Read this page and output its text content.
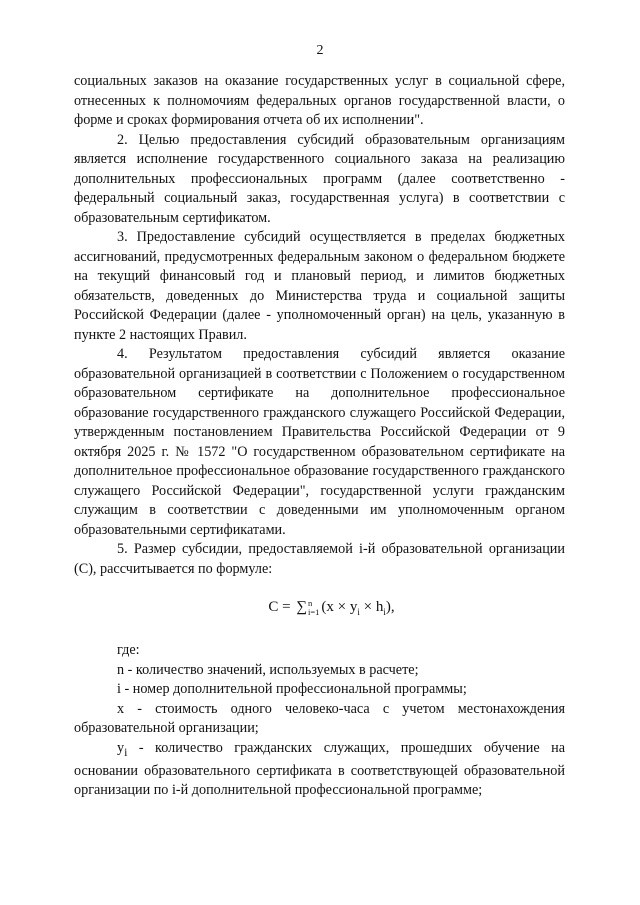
2

социальных заказов на оказание государственных услуг в социальной сфере, отнесенных к полномочиям федеральных органов государственной власти, о форме и сроках формирования отчета об их исполнении".

2. Целью предоставления субсидий образовательным организациям является исполнение государственного социального заказа на реализацию дополнительных профессиональных программ (далее соответственно - федеральный социальный заказ, государственная услуга) в соответствии с образовательным сертификатом.

3. Предоставление субсидий осуществляется в пределах бюджетных ассигнований, предусмотренных федеральным законом о федеральном бюджете на текущий финансовый год и плановый период, и лимитов бюджетных обязательств, доведенных до Министерства труда и социальной защиты Российской Федерации (далее - уполномоченный орган) на цель, указанную в пункте 2 настоящих Правил.

4. Результатом предоставления субсидий является оказание образовательной организацией в соответствии с Положением о государственном образовательном сертификате на дополнительное профессиональное образование государственного гражданского служащего Российской Федерации, утвержденным постановлением Правительства Российской Федерации от 9 октября 2025 г. № 1572 "О государственном образовательном сертификате на дополнительное профессиональное образование государственного гражданского служащего Российской Федерации", государственной услуги гражданским служащим в соответствии с доведенными им уполномоченным органом образовательными сертификатами.

5. Размер субсидии, предоставляемой i-й образовательной организации (С), рассчитывается по формуле:

С = ∑n
i=1 $(x \times y_i \times h_i)$,

где:

n - количество значений, используемых в расчете;

i - номер дополнительной профессиональной программы;

x - стоимость одного человеко-часа с учетом местонахождения образовательной организации;

$y_i$ - количество гражданских служащих, прошедших обучение на основании образовательного сертификата в соответствующей образовательной организации по i-й дополнительной профессиональной программе;
